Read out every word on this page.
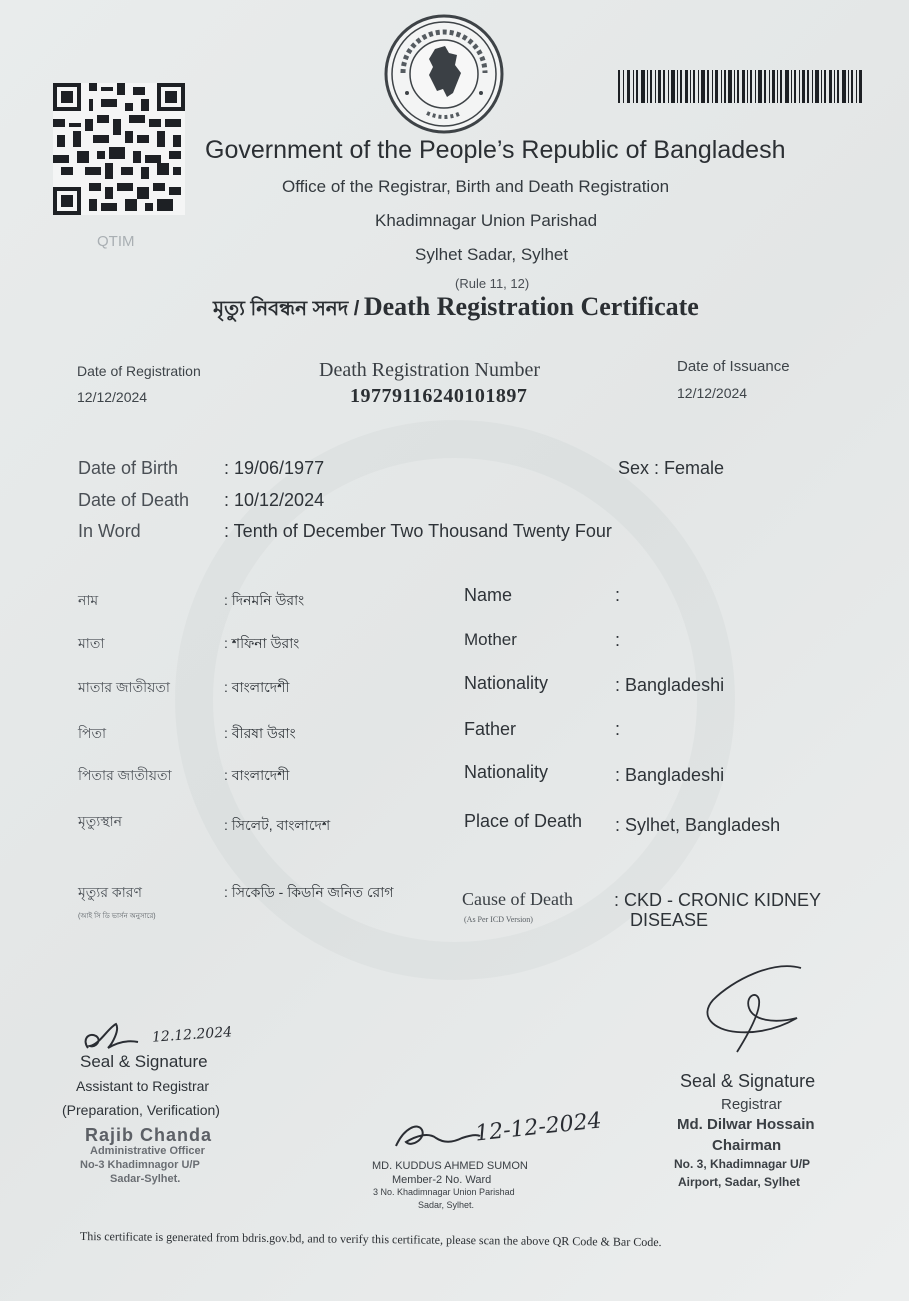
QTIM
Government of the People’s Republic of Bangladesh
Office of the Registrar, Birth and Death Registration
Khadimnagar Union Parishad
Sylhet Sadar, Sylhet
(Rule 11, 12)
মৃত্যু নিবন্ধন সনদ / Death Registration Certificate
Date of Registration
12/12/2024
Death Registration Number
19779116240101897
Date of Issuance
12/12/2024
Date of Birth	: 19/06/1977
Date of Death : 10/12/2024
In Word	: Tenth of December Two Thousand Twenty Four
Sex : Female
নাম	: দিনমনি উরাং
মাতা	: শফিনা উরাং
মাতার জাতীয়তা	: বাংলাদেশী
পিতা	: বীরষা উরাং
পিতার জাতীয়তা	: বাংলাদেশী
মৃত্যুস্থান	: সিলেট, বাংলাদেশ
মৃত্যুর কারণ
(আই সি ডি ভার্সন অনুসারে)
: সিকেডি - কিডনি জনিত রোগ
Name	:
Mother	:
Nationality	: Bangladeshi
Father	:
Nationality	: Bangladeshi
Place of Death : Sylhet, Bangladesh
Cause of Death
(As Per ICD Version)
: CKD - CRONIC KIDNEY
DISEASE
12.12.2024
Seal & Signature
Assistant to Registrar
(Preparation, Verification)
Rajib Chanda
Administrative Officer
No-3 Khadimnagor U/P
Sadar-Sylhet.
12-12-2024
MD. KUDDUS AHMED SUMON
Member-2 No. Ward
3 No. Khadimnagar Union Parishad
Sadar, Sylhet.
Seal & Signature
Registrar
Md. Dilwar Hossain
Chairman
No. 3, Khadimnagar U/P
Airport, Sadar, Sylhet
This certificate is generated from bdris.gov.bd, and to verify this certificate, please scan the above QR Code & Bar Code.
